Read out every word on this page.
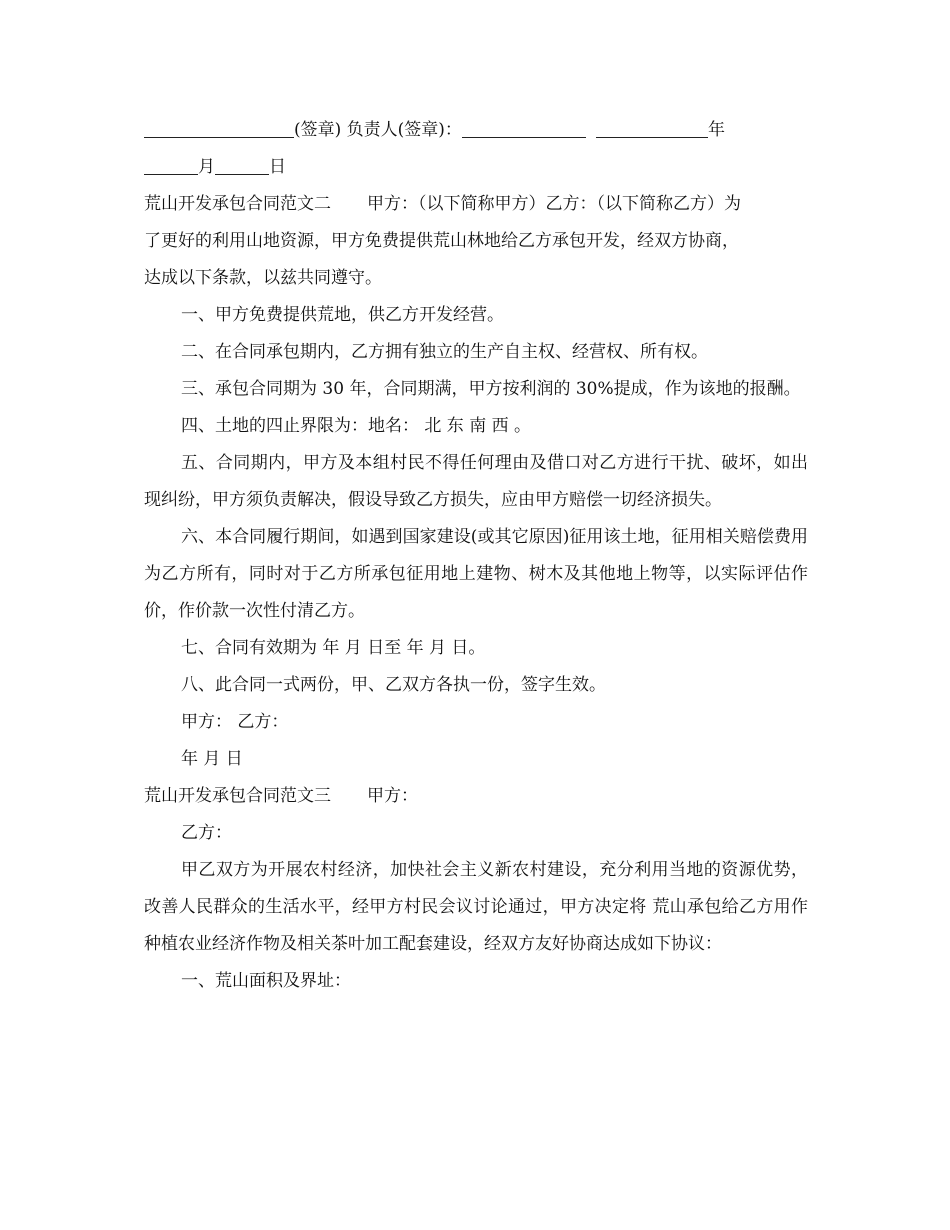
(签章) 负责人(签章)：	年

月	日

荒山开发承包合同范文二 甲方：（以下简称甲方）乙方：（以下简称乙方）为
了更好的利用山地资源，甲方免费提供荒山林地给乙方承包开发，经双方协商，
达成以下条款，以兹共同遵守。

一、甲方免费提供荒地，供乙方开发经营。

二、在合同承包期内，乙方拥有独立的生产自主权、经营权、所有权。

三、承包合同期为 30 年，合同期满，甲方按利润的 30%提成，作为该地的报酬。

四、土地的四止界限为：地名： 北 东 南 西 。

五、合同期内，甲方及本组村民不得任何理由及借口对乙方进行干扰、破坏，如出现纠纷，甲方须负责解决，假设导致乙方损失，应由甲方赔偿一切经济损失。

六、本合同履行期间，如遇到国家建设(或其它原因)征用该土地，征用相关赔偿费用为乙方所有，同时对于乙方所承包征用地上建物、树木及其他地上物等，以实际评估作价，作价款一次性付清乙方。

七、合同有效期为 年 月 日至 年 月 日。

八、此合同一式两份，甲、乙双方各执一份，签字生效。

甲方： 乙方：

年 月 日

荒山开发承包合同范文三 甲方：

乙方：

甲乙双方为开展农村经济，加快社会主义新农村建设，充分利用当地的资源优势，改善人民群众的生活水平，经甲方村民会议讨论通过，甲方决定将 荒山承包给乙方用作种植农业经济作物及相关茶叶加工配套建设，经双方友好协商达成如下协议：

一、荒山面积及界址：
